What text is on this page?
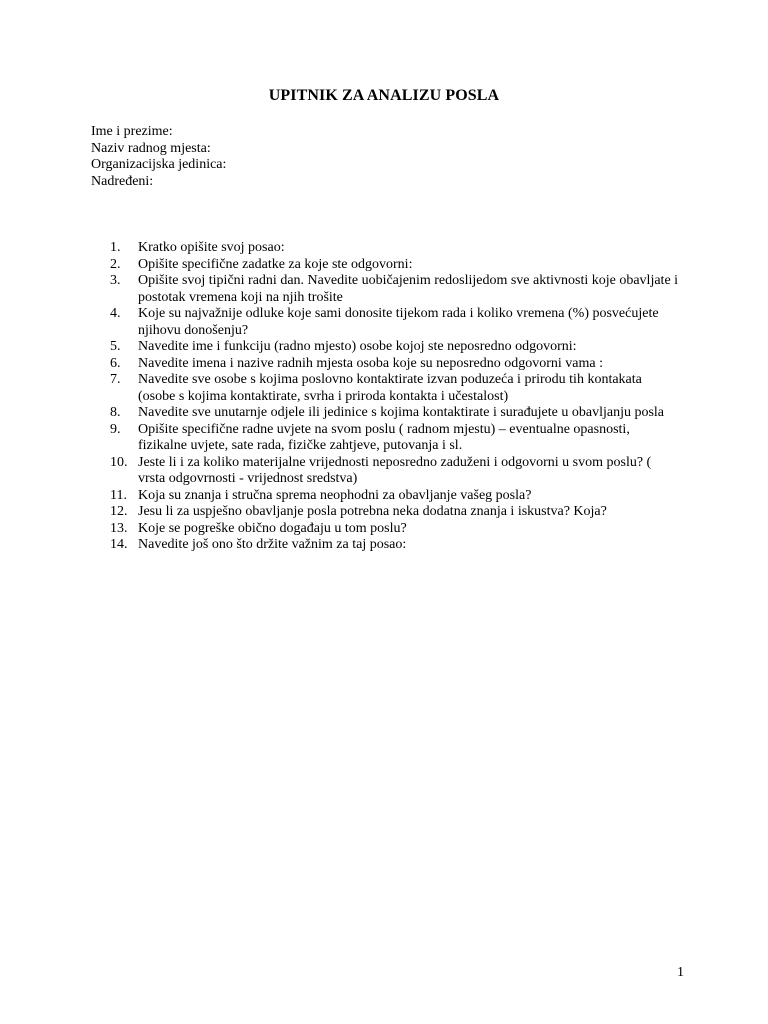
UPITNIK ZA ANALIZU POSLA
Ime i prezime:
Naziv radnog mjesta:
Organizacijska jedinica:
Nadređeni:
1.	Kratko opišite svoj posao:
2.	Opišite specifične zadatke za koje ste odgovorni:
3.	Opišite svoj tipični radni dan. Navedite uobičajenim redoslijedom sve aktivnosti koje obavljate i postotak vremena koji na njih trošite
4.	Koje su najvažnije odluke koje sami donosite tijekom rada i koliko vremena (%) posvećujete njihovu donošenju?
5.	Navedite ime i funkciju (radno mjesto) osobe kojoj ste neposredno odgovorni:
6.	Navedite imena i nazive radnih mjesta osoba koje su neposredno odgovorni vama :
7.	Navedite sve osobe s kojima poslovno kontaktirate izvan poduzeća i prirodu tih kontakata (osobe s kojima kontaktirate, svrha i priroda kontakta i učestalost)
8.	Navedite sve unutarnje odjele ili jedinice s kojima kontaktirate i surađujete u obavljanju posla
9.	Opišite specifične radne uvjete na svom poslu ( radnom mjestu) – eventualne opasnosti, fizikalne uvjete, sate rada, fizičke zahtjeve, putovanja i sl.
10. Jeste li i za koliko materijalne vrijednosti neposredno zaduženi i odgovorni u svom poslu? ( vrsta odgovrnosti - vrijednost sredstva)
11. Koja su znanja i stručna sprema neophodni za obavljanje vašeg posla?
12. Jesu li za uspješno obavljanje posla potrebna neka dodatna znanja i iskustva? Koja?
13. Koje se pogreške obično događaju u tom poslu?
14. Navedite još ono što držite važnim za taj posao:
1
